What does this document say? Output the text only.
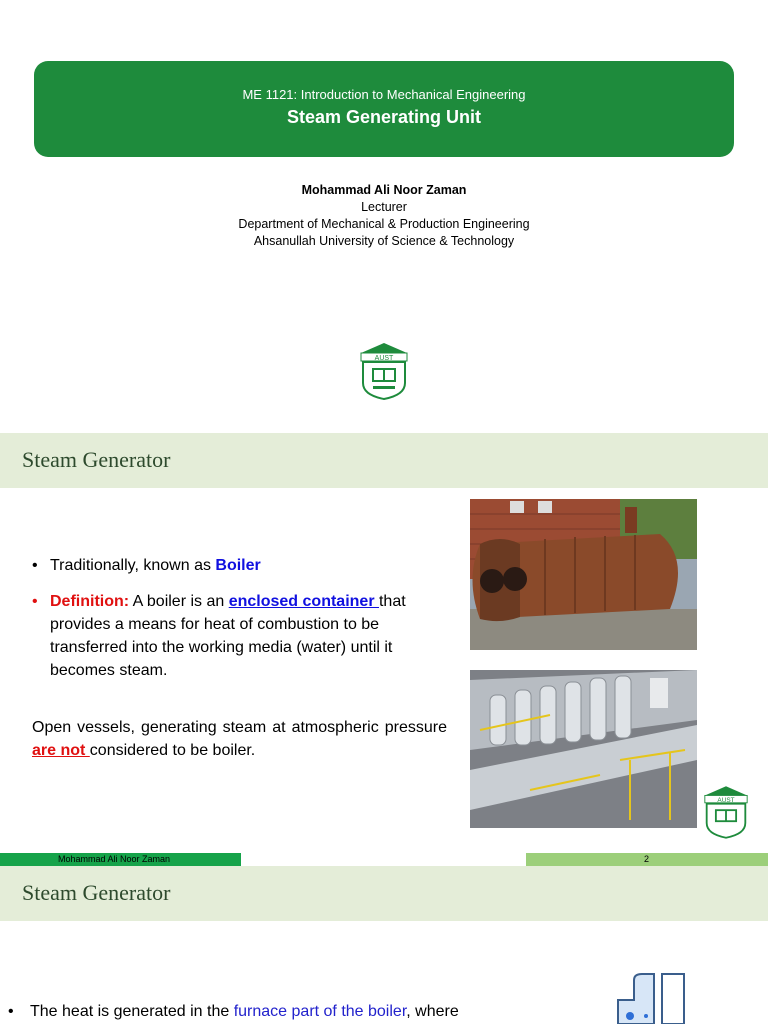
ME 1121: Introduction to Mechanical Engineering
Steam Generating Unit
Mohammad Ali Noor Zaman
Lecturer
Department of Mechanical & Production Engineering
Ahsanullah University of Science & Technology
AUST
Steam Generator
• Traditionally, known as Boiler
• Definition: A boiler is an enclosed container that provides a means for heat of combustion to be transferred into the working media (water) until it becomes steam.
Open vessels, generating steam at atmospheric pressure are not considered to be boiler.
AUST
Mohammad Ali Noor Zaman	2
Steam Generator
• The heat is generated in the furnace part of the boiler, where
